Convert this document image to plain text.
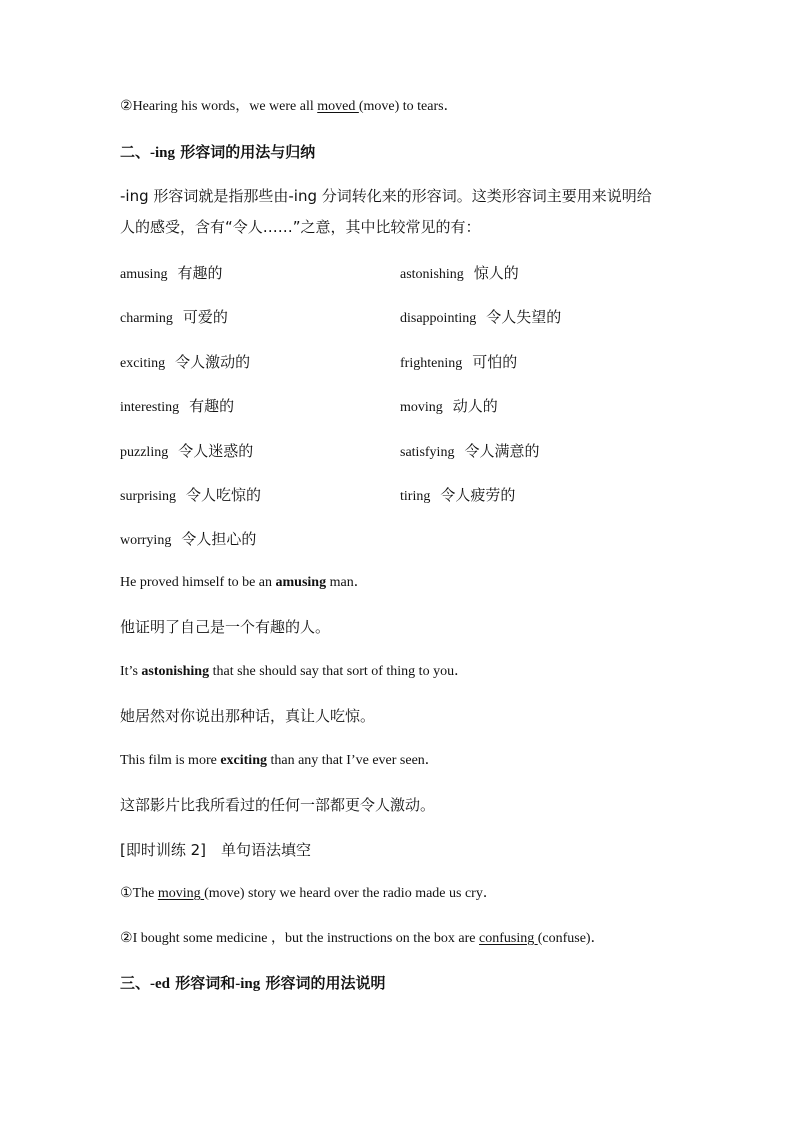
②Hearing his words，we were all moved (move) to tears．
二、-ing 形容词的用法与归纳
-ing 形容词就是指那些由-ing 分词转化来的形容词。这类形容词主要用来说明给
人的感受，含有“令人……”之意，其中比较常见的有：
amusing 有趣的	astonishing 惊人的
charming 可爱的	disappointing 令人失望的
exciting 令人激动的	frightening 可怕的
interesting 有趣的	moving 动人的
puzzling 令人迷惑的	satisfying 令人满意的
surprising 令人吃惊的	tiring 令人疲劳的
worrying 令人担心的
He proved himself to be an amusing man．
他证明了自己是一个有趣的人。
It’s astonishing that she should say that sort of thing to you．
她居然对你说出那种话，真让人吃惊。
This film is more exciting than any that I’ve ever seen．
这部影片比我所看过的任何一部都更令人激动。
[即时训练 2]　单句语法填空
①The moving (move) story we heard over the radio made us cry．
②I bought some medicine ，but the instructions on the box are confusing (confuse)．
三、-ed 形容词和-ing 形容词的用法说明
